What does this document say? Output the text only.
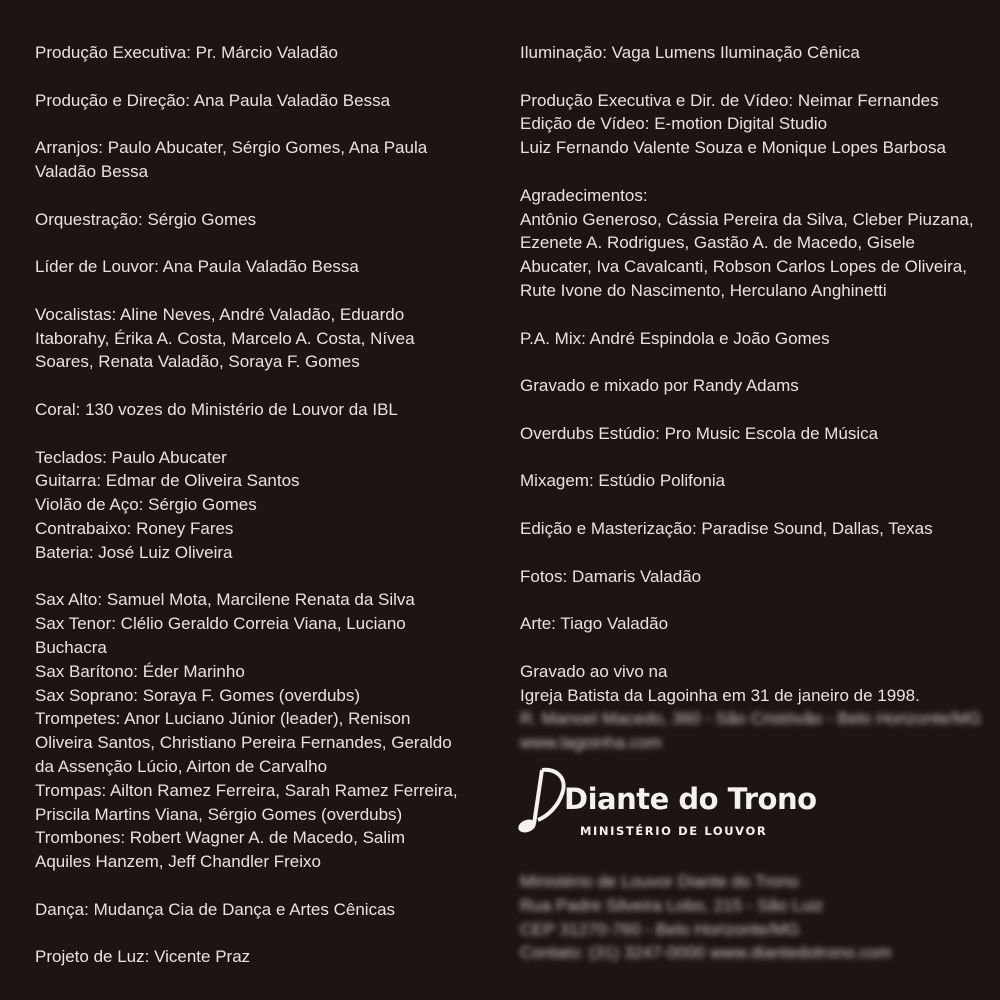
Produção Executiva: Pr. Márcio Valadão
Produção e Direção: Ana Paula Valadão Bessa
Arranjos: Paulo Abucater, Sérgio Gomes, Ana Paula
Valadão Bessa
Orquestração: Sérgio Gomes
Líder de Louvor: Ana Paula Valadão Bessa
Vocalistas: Aline Neves, André Valadão, Eduardo
Itaborahy, Érika A. Costa, Marcelo A. Costa, Nívea
Soares, Renata Valadão, Soraya F. Gomes
Coral: 130 vozes do Ministério de Louvor da IBL
Teclados: Paulo Abucater
Guitarra: Edmar de Oliveira Santos
Violão de Aço: Sérgio Gomes
Contrabaixo: Roney Fares
Bateria: José Luiz Oliveira
Sax Alto: Samuel Mota, Marcilene Renata da Silva
Sax Tenor: Clélio Geraldo Correia Viana, Luciano
Buchacra
Sax Barítono: Éder Marinho
Sax Soprano: Soraya F. Gomes (overdubs)
Trompetes: Anor Luciano Júnior (leader), Renison
Oliveira Santos, Christiano Pereira Fernandes, Geraldo
da Assenção Lúcio, Airton de Carvalho
Trompas: Ailton Ramez Ferreira, Sarah Ramez Ferreira,
Priscila Martins Viana, Sérgio Gomes (overdubs)
Trombones: Robert Wagner A. de Macedo, Salim
Aquiles Hanzem, Jeff Chandler Freixo
Dança: Mudança Cia de Dança e Artes Cênicas
Projeto de Luz: Vicente Praz
Iluminação: Vaga Lumens Iluminação Cênica
Produção Executiva e Dir. de Vídeo: Neimar Fernandes
Edição de Vídeo: E-motion Digital Studio
Luiz Fernando Valente Souza e Monique Lopes Barbosa
Agradecimentos:
Antônio Generoso, Cássia Pereira da Silva, Cleber Piuzana,
Ezenete A. Rodrigues, Gastão A. de Macedo, Gisele
Abucater, Iva Cavalcanti, Robson Carlos Lopes de Oliveira,
Rute Ivone do Nascimento, Herculano Anghinetti
P.A. Mix: André Espindola e João Gomes
Gravado e mixado por Randy Adams
Overdubs Estúdio: Pro Music Escola de Música
Mixagem: Estúdio Polifonia
Edição e Masterização: Paradise Sound, Dallas, Texas
Fotos: Damaris Valadão
Arte: Tiago Valadão
Gravado ao vivo na
Igreja Batista da Lagoinha em 31 de janeiro de 1998.
R. Manoel Macedo, 360 - São Cristóvão - Belo Horizonte/MG
www.lagoinha.com
Diante do Trono
MINISTÉRIO DE LOUVOR
Ministério de Louvor Diante do Trono
Rua Padre Silveira Lobo, 215 - São Luiz
CEP 31270-760 - Belo Horizonte/MG
Contato: (31) 3247-0000 www.diantedotrono.com
